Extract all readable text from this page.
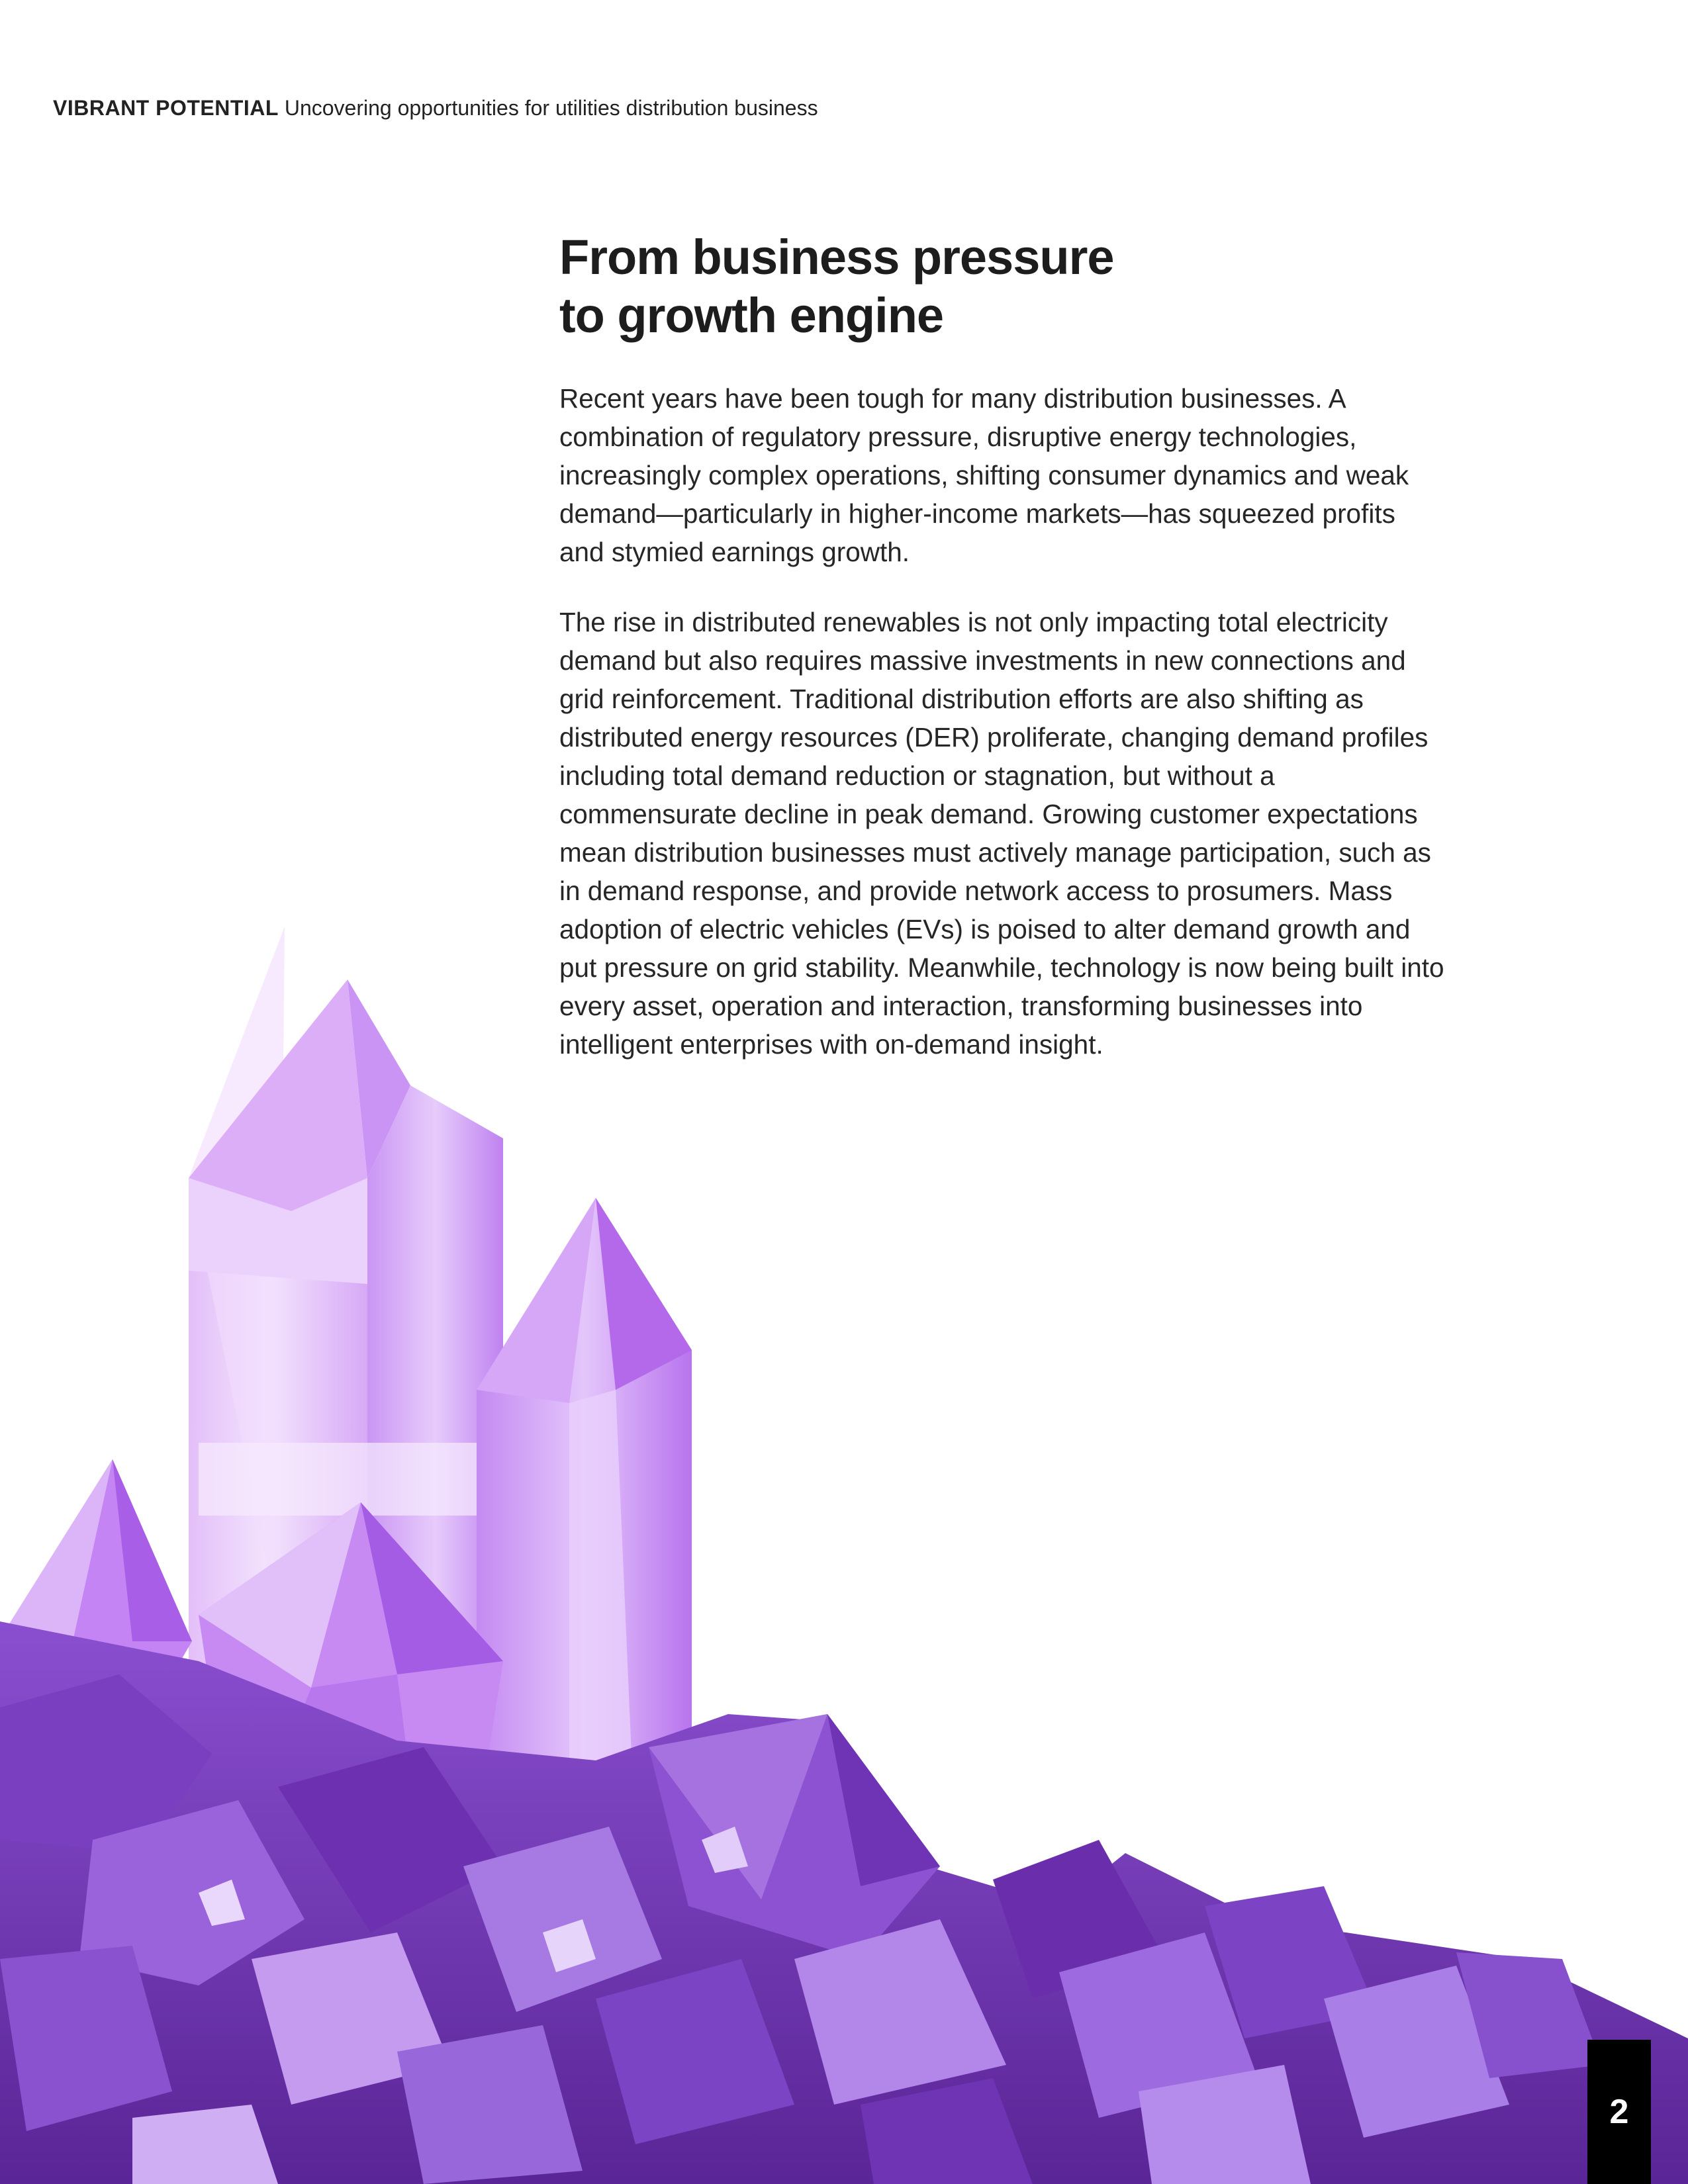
VIBRANT POTENTIAL Uncovering opportunities for utilities distribution business
From business pressure
to growth engine

Recent years have been tough for many distribution businesses. A combination of regulatory pressure, disruptive energy technologies, increasingly complex operations, shifting consumer dynamics and weak demand—particularly in higher-income markets—has squeezed profits and stymied earnings growth.

The rise in distributed renewables is not only impacting total electricity demand but also requires massive investments in new connections and grid reinforcement. Traditional distribution efforts are also shifting as distributed energy resources (DER) proliferate, changing demand profiles including total demand reduction or stagnation, but without a commensurate decline in peak demand. Growing customer expectations mean distribution businesses must actively manage participation, such as in demand response, and provide network access to prosumers. Mass adoption of electric vehicles (EVs) is poised to alter demand growth and put pressure on grid stability. Meanwhile, technology is now being built into every asset, operation and interaction, transforming businesses into intelligent enterprises with on-demand insight.

2
